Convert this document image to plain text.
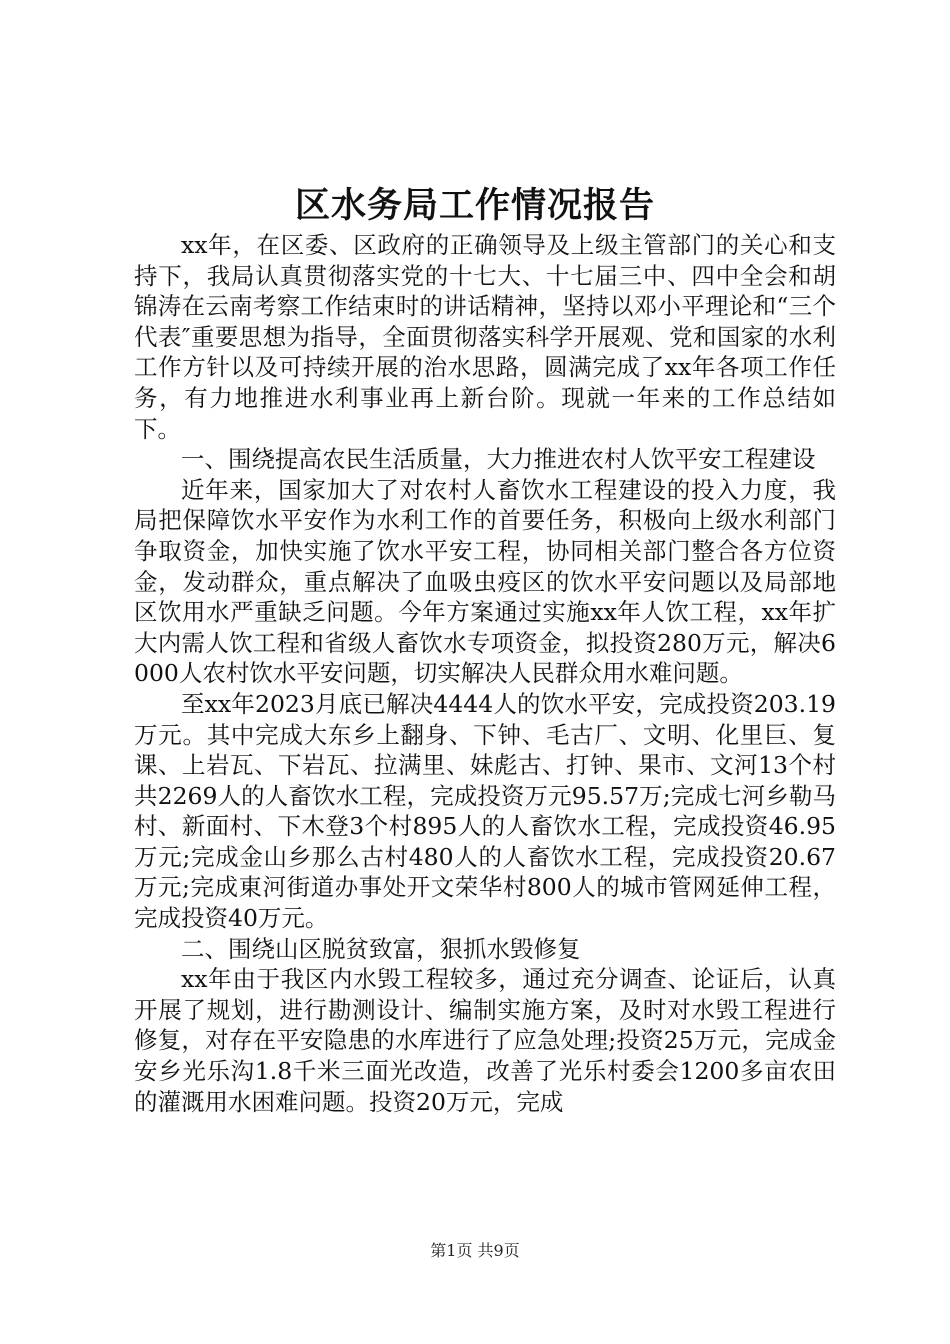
区水务局工作情况报告

xx年，在区委、区政府的正确领导及上级主管部门的关心和支持下，我局认真贯彻落实党的十七大、十七届三中、四中全会和胡锦涛在云南考察工作结束时的讲话精神，坚持以邓小平理论和“三个代表″重要思想为指导，全面贯彻落实科学开展观、党和国家的水利工作方针以及可持续开展的治水思路，圆满完成了xx年各项工作任务，有力地推进水利事业再上新台阶。现就一年来的工作总结如下。

一、围绕提高农民生活质量，大力推进农村人饮平安工程建设

近年来，国家加大了对农村人畜饮水工程建设的投入力度，我局把保障饮水平安作为水利工作的首要任务，积极向上级水利部门争取资金，加快实施了饮水平安工程，协同相关部门整合各方位资金，发动群众，重点解决了血吸虫疫区的饮水平安问题以及局部地区饮用水严重缺乏问题。今年方案通过实施xx年人饮工程，xx年扩大内需人饮工程和省级人畜饮水专项资金，拟投资280万元，解决6000人农村饮水平安问题，切实解决人民群众用水难问题。

至xx年2023月底已解决4444人的饮水平安，完成投资203.19万元。其中完成大东乡上翻身、下钟、毛古厂、文明、化里巨、复课、上岩瓦、下岩瓦、拉满里、妹彪古、打钟、果市、文河13个村共2269人的人畜饮水工程，完成投资万元95.57万;完成七河乡勒马村、新面村、下木登3个村895人的人畜饮水工程，完成投资46.95万元;完成金山乡那么古村480人的人畜饮水工程，完成投资20.67万元;完成東河街道办事处开文荣华村800人的城市管网延伸工程，完成投资40万元。

二、围绕山区脱贫致富，狠抓水毁修复

xx年由于我区内水毁工程较多，通过充分调查、论证后，认真开展了规划，进行勘测设计、编制实施方案，及时对水毁工程进行修复，对存在平安隐患的水库进行了应急处理;投资25万元，完成金安乡光乐沟1.8千米三面光改造，改善了光乐村委会1200多亩农田的灌溉用水困难问题。投资20万元，完成

第1页 共9页
